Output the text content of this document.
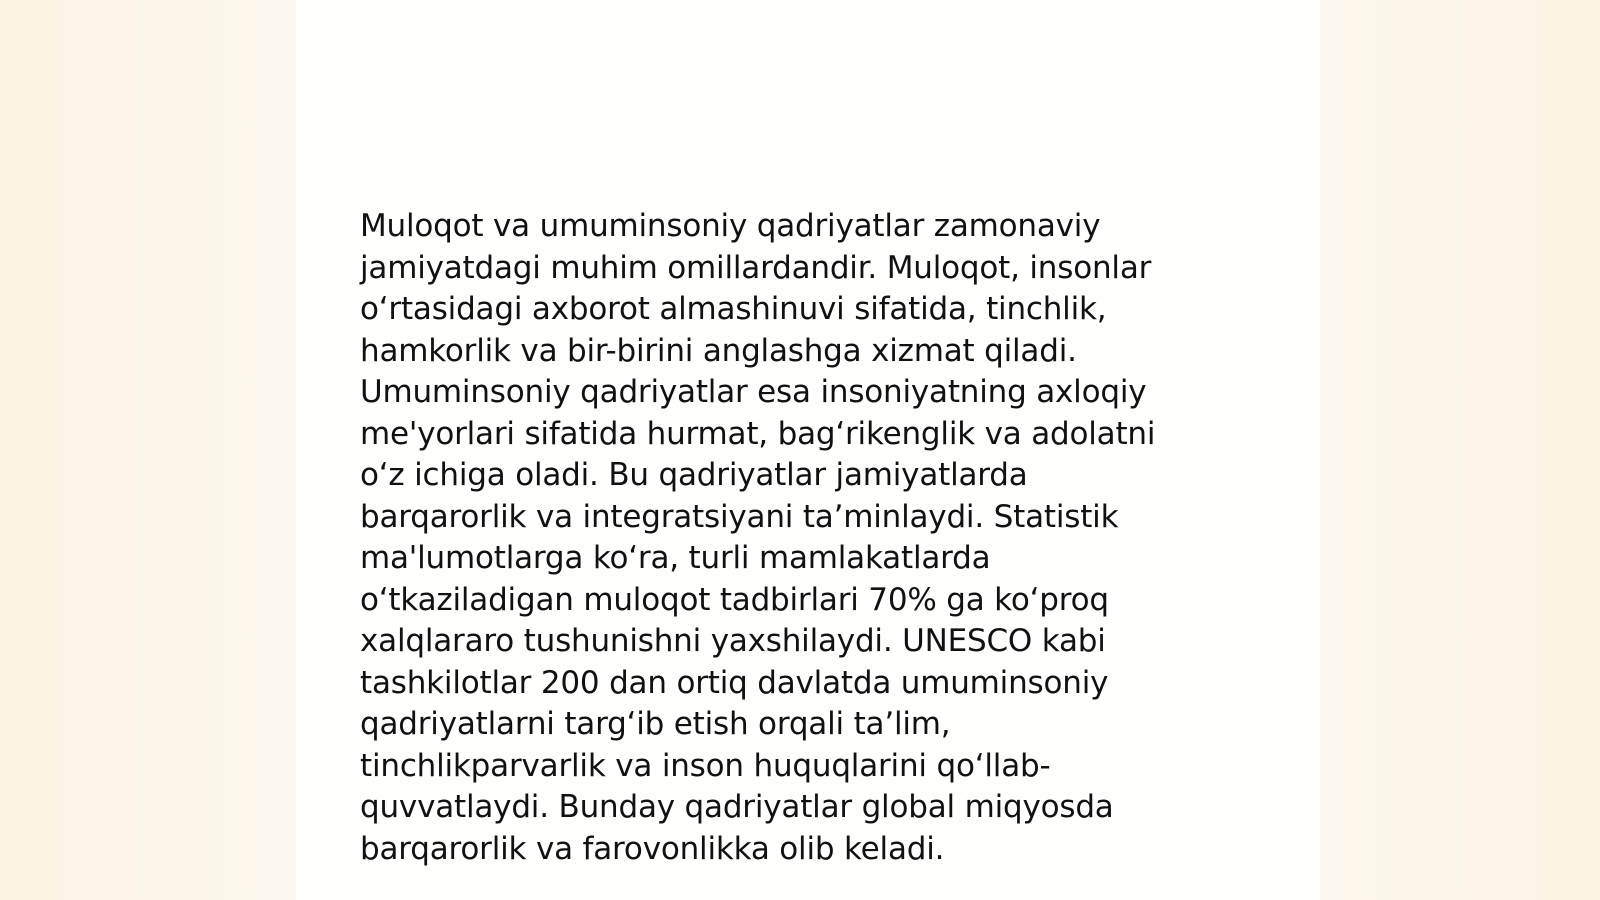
Muloqot va umuminsoniy qadriyatlar zamonaviy
jamiyatdagi muhim omillardandir. Muloqot, insonlar
o‘rtasidagi axborot almashinuvi sifatida, tinchlik,
hamkorlik va bir-birini anglashga xizmat qiladi.
Umuminsoniy qadriyatlar esa insoniyatning axloqiy
me'yorlari sifatida hurmat, bag‘rikenglik va adolatni
o‘z ichiga oladi. Bu qadriyatlar jamiyatlarda
barqarorlik va integratsiyani ta’minlaydi. Statistik
ma'lumotlarga ko‘ra, turli mamlakatlarda
o‘tkaziladigan muloqot tadbirlari 70% ga ko‘proq
xalqlararo tushunishni yaxshilaydi. UNESCO kabi
tashkilotlar 200 dan ortiq davlatda umuminsoniy
qadriyatlarni targ‘ib etish orqali ta’lim,
tinchlikparvarlik va inson huquqlarini qo‘llab-
quvvatlaydi. Bunday qadriyatlar global miqyosda
barqarorlik va farovonlikka olib keladi.
